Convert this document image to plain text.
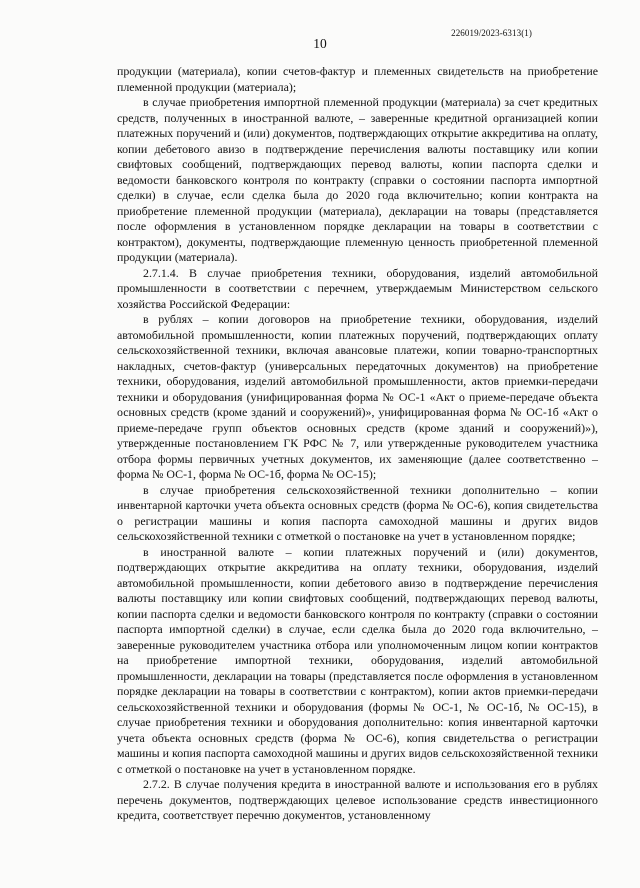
226019/2023-6313(1)
10

продукции (материала), копии счетов-фактур и племенных свидетельств на приобретение племенной продукции (материала);

в случае приобретения импортной племенной продукции (материала) за счет кредитных средств, полученных в иностранной валюте, – заверенные кредитной организацией копии платежных поручений и (или) документов, подтверждающих открытие аккредитива на оплату, копии дебетового авизо в подтверждение перечисления валюты поставщику или копии свифтовых сообщений, подтверждающих перевод валюты, копии паспорта сделки и ведомости банковского контроля по контракту (справки о состоянии паспорта импортной сделки) в случае, если сделка была до 2020 года включительно; копии контракта на приобретение племенной продукции (материала), декларации на товары (представляется после оформления в установленном порядке декларации на товары в соответствии с контрактом), документы, подтверждающие племенную ценность приобретенной племенной продукции (материала).

2.7.1.4. В случае приобретения техники, оборудования, изделий автомобильной промышленности в соответствии с перечнем, утверждаемым Министерством сельского хозяйства Российской Федерации:

в рублях – копии договоров на приобретение техники, оборудования, изделий автомобильной промышленности, копии платежных поручений, подтверждающих оплату сельскохозяйственной техники, включая авансовые платежи, копии товарно-транспортных накладных, счетов-фактур (универсальных передаточных документов) на приобретение техники, оборудования, изделий автомобильной промышленности, актов приемки-передачи техники и оборудования (унифицированная форма № ОС-1 «Акт о приеме-передаче объекта основных средств (кроме зданий и сооружений)», унифицированная форма № ОС-1б «Акт о приеме-передаче групп объектов основных средств (кроме зданий и сооружений)»), утвержденные постановлением ГК РФС № 7, или утвержденные руководителем участника отбора формы первичных учетных документов, их заменяющие (далее соответственно – форма № ОС-1, форма № ОС-1б, форма № ОС-15);

в случае приобретения сельскохозяйственной техники дополнительно – копии инвентарной карточки учета объекта основных средств (форма № ОС-6), копия свидетельства о регистрации машины и копия паспорта самоходной машины и других видов сельскохозяйственной техники с отметкой о постановке на учет в установленном порядке;

в иностранной валюте – копии платежных поручений и (или) документов, подтверждающих открытие аккредитива на оплату техники, оборудования, изделий автомобильной промышленности, копии дебетового авизо в подтверждение перечисления валюты поставщику или копии свифтовых сообщений, подтверждающих перевод валюты, копии паспорта сделки и ведомости банковского контроля по контракту (справки о состоянии паспорта импортной сделки) в случае, если сделка была до 2020 года включительно, – заверенные руководителем участника отбора или уполномоченным лицом копии контрактов на приобретение импортной техники, оборудования, изделий автомобильной промышленности, декларации на товары (представляется после оформления в установленном порядке декларации на товары в соответствии с контрактом), копии актов приемки-передачи сельскохозяйственной техники и оборудования (формы № ОС-1, № ОС-1б, № ОС-15), в случае приобретения техники и оборудования дополнительно: копия инвентарной карточки учета объекта основных средств (форма № ОС-6), копия свидетельства о регистрации машины и копия паспорта самоходной машины и других видов сельскохозяйственной техники с отметкой о постановке на учет в установленном порядке.

2.7.2. В случае получения кредита в иностранной валюте и использования его в рублях перечень документов, подтверждающих целевое использование средств инвестиционного кредита, соответствует перечню документов, установленному
